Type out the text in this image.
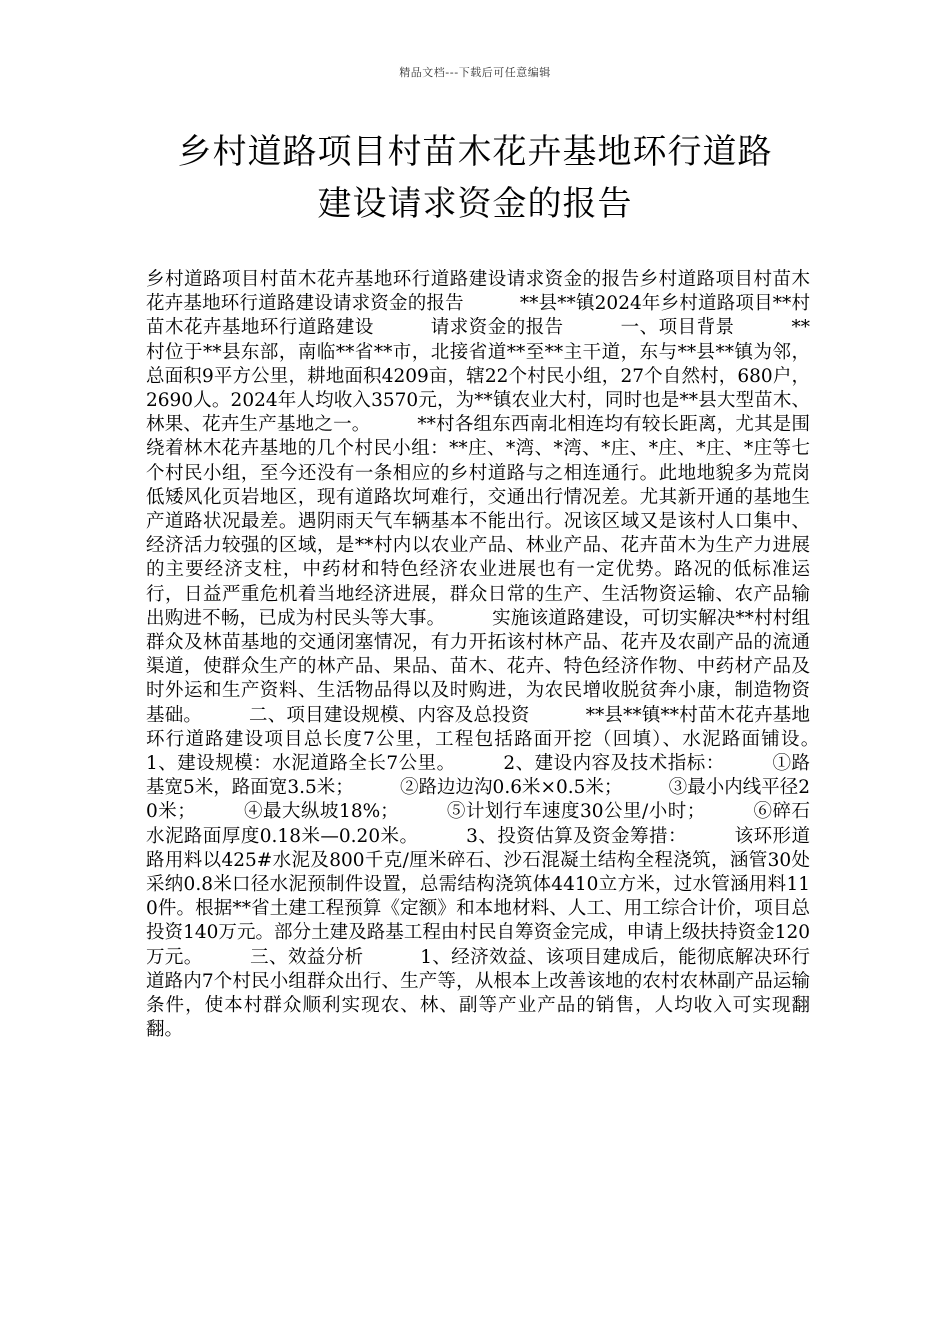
精品文档---下载后可任意编辑
乡村道路项目村苗木花卉基地环行道路
建设请求资金的报告

乡村道路项目村苗木花卉基地环行道路建设请求资金的报告乡村道路项目村苗木花卉基地环行道路建设请求资金的报告　　　**县**镇2024年乡村道路项目**村苗木花卉基地环行道路建设　　　请求资金的报告　　　一、项目背景　　　**村位于**县东部，南临**省**市，北接省道**至**主干道，东与**县**镇为邻，总面积9平方公里，耕地面积4209亩，辖22个村民小组，27个自然村，680户，2690人。2024年人均收入3570元，为**镇农业大村，同时也是**县大型苗木、林果、花卉生产基地之一。　　　**村各组东西南北相连均有较长距离，尤其是围绕着林木花卉基地的几个村民小组：**庄、*湾、*湾、*庄、*庄、*庄、*庄等七个村民小组，至今还没有一条相应的乡村道路与之相连通行。此地地貌多为荒岗低矮风化页岩地区，现有道路坎坷难行，交通出行情况差。尤其新开通的基地生产道路状况最差。遇阴雨天气车辆基本不能出行。况该区域又是该村人口集中、经济活力较强的区域，是**村内以农业产品、林业产品、花卉苗木为生产力进展的主要经济支柱，中药材和特色经济农业进展也有一定优势。路况的低标准运行，日益严重危机着当地经济进展，群众日常的生产、生活物资运输、农产品输出购进不畅，已成为村民头等大事。　　　实施该道路建设，可切实解决**村村组群众及林苗基地的交通闭塞情况，有力开拓该村林产品、花卉及农副产品的流通渠道，使群众生产的林产品、果品、苗木、花卉、特色经济作物、中药材产品及时外运和生产资料、生活物品得以及时购进，为农民增收脱贫奔小康，制造物资基础。　　　二、项目建设规模、内容及总投资　　　**县**镇**村苗木花卉基地环行道路建设项目总长度7公里，工程包括路面开挖（回填）、水泥路面铺设。　　　1、建设规模：水泥道路全长7公里。　　　2、建设内容及技术指标：　　　①路基宽5米，路面宽3.5米；　　　②路边边沟0.6米×0.5米；　　　③最小内线平径20米；　　　④最大纵坡18%；　　　⑤计划行车速度30公里/小时；　　　⑥碎石水泥路面厚度0.18米—0.20米。　　　3、投资估算及资金筹措：　　　该环形道路用料以425#水泥及800千克/厘米碎石、沙石混凝土结构全程浇筑，涵管30处采纳0.8米口径水泥预制件设置，总需结构浇筑体4410立方米，过水管涵用料110件。根据**省土建工程预算《定额》和本地材料、人工、用工综合计价，项目总投资140万元。部分土建及路基工程由村民自筹资金完成，申请上级扶持资金120万元。　　　三、效益分析　　　1、经济效益、该项目建成后，能彻底解决环行道路内7个村民小组群众出行、生产等，从根本上改善该地的农村农林副产品运输条件，使本村群众顺利实现农、林、副等产业产品的销售，人均收入可实现翻翻。
